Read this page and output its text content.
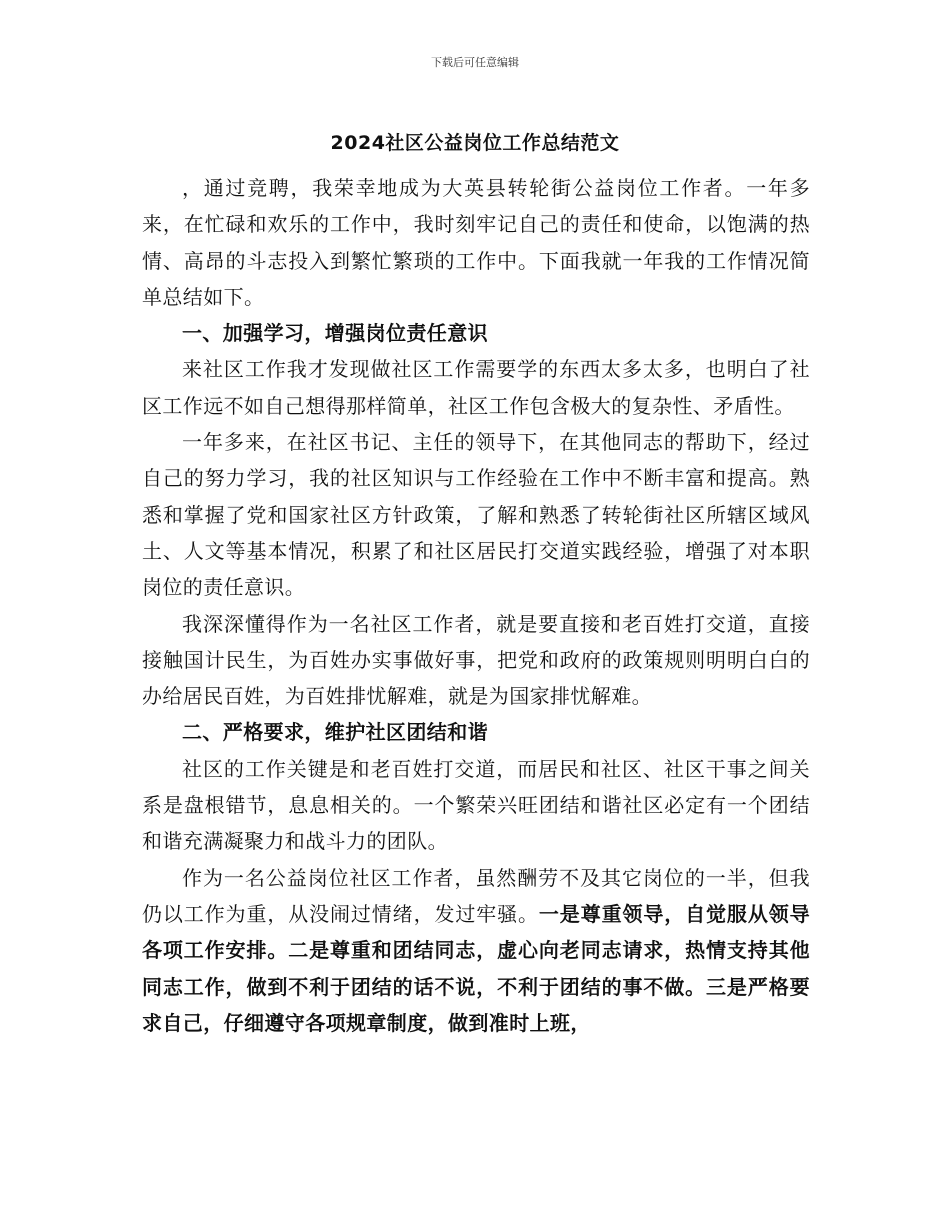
下载后可任意编辑
2024社区公益岗位工作总结范文

，通过竞聘，我荣幸地成为大英县转轮街公益岗位工作者。一年多来，在忙碌和欢乐的工作中，我时刻牢记自己的责任和使命，以饱满的热情、高昂的斗志投入到繁忙繁琐的工作中。下面我就一年我的工作情况简单总结如下。

一、加强学习，增强岗位责任意识

来社区工作我才发现做社区工作需要学的东西太多太多，也明白了社区工作远不如自己想得那样简单，社区工作包含极大的复杂性、矛盾性。

一年多来，在社区书记、主任的领导下，在其他同志的帮助下，经过自己的努力学习，我的社区知识与工作经验在工作中不断丰富和提高。熟悉和掌握了党和国家社区方针政策，了解和熟悉了转轮街社区所辖区域风土、人文等基本情况，积累了和社区居民打交道实践经验，增强了对本职岗位的责任意识。

我深深懂得作为一名社区工作者，就是要直接和老百姓打交道，直接接触国计民生，为百姓办实事做好事，把党和政府的政策规则明明白白的办给居民百姓，为百姓排忧解难，就是为国家排忧解难。

二、严格要求，维护社区团结和谐

社区的工作关键是和老百姓打交道，而居民和社区、社区干事之间关系是盘根错节，息息相关的。一个繁荣兴旺团结和谐社区必定有一个团结和谐充满凝聚力和战斗力的团队。

作为一名公益岗位社区工作者，虽然酬劳不及其它岗位的一半，但我仍以工作为重，从没闹过情绪，发过牢骚。一是尊重领导，自觉服从领导各项工作安排。二是尊重和团结同志，虚心向老同志请求，热情支持其他同志工作，做到不利于团结的话不说，不利于团结的事不做。三是严格要求自己，仔细遵守各项规章制度，做到准时上班，
